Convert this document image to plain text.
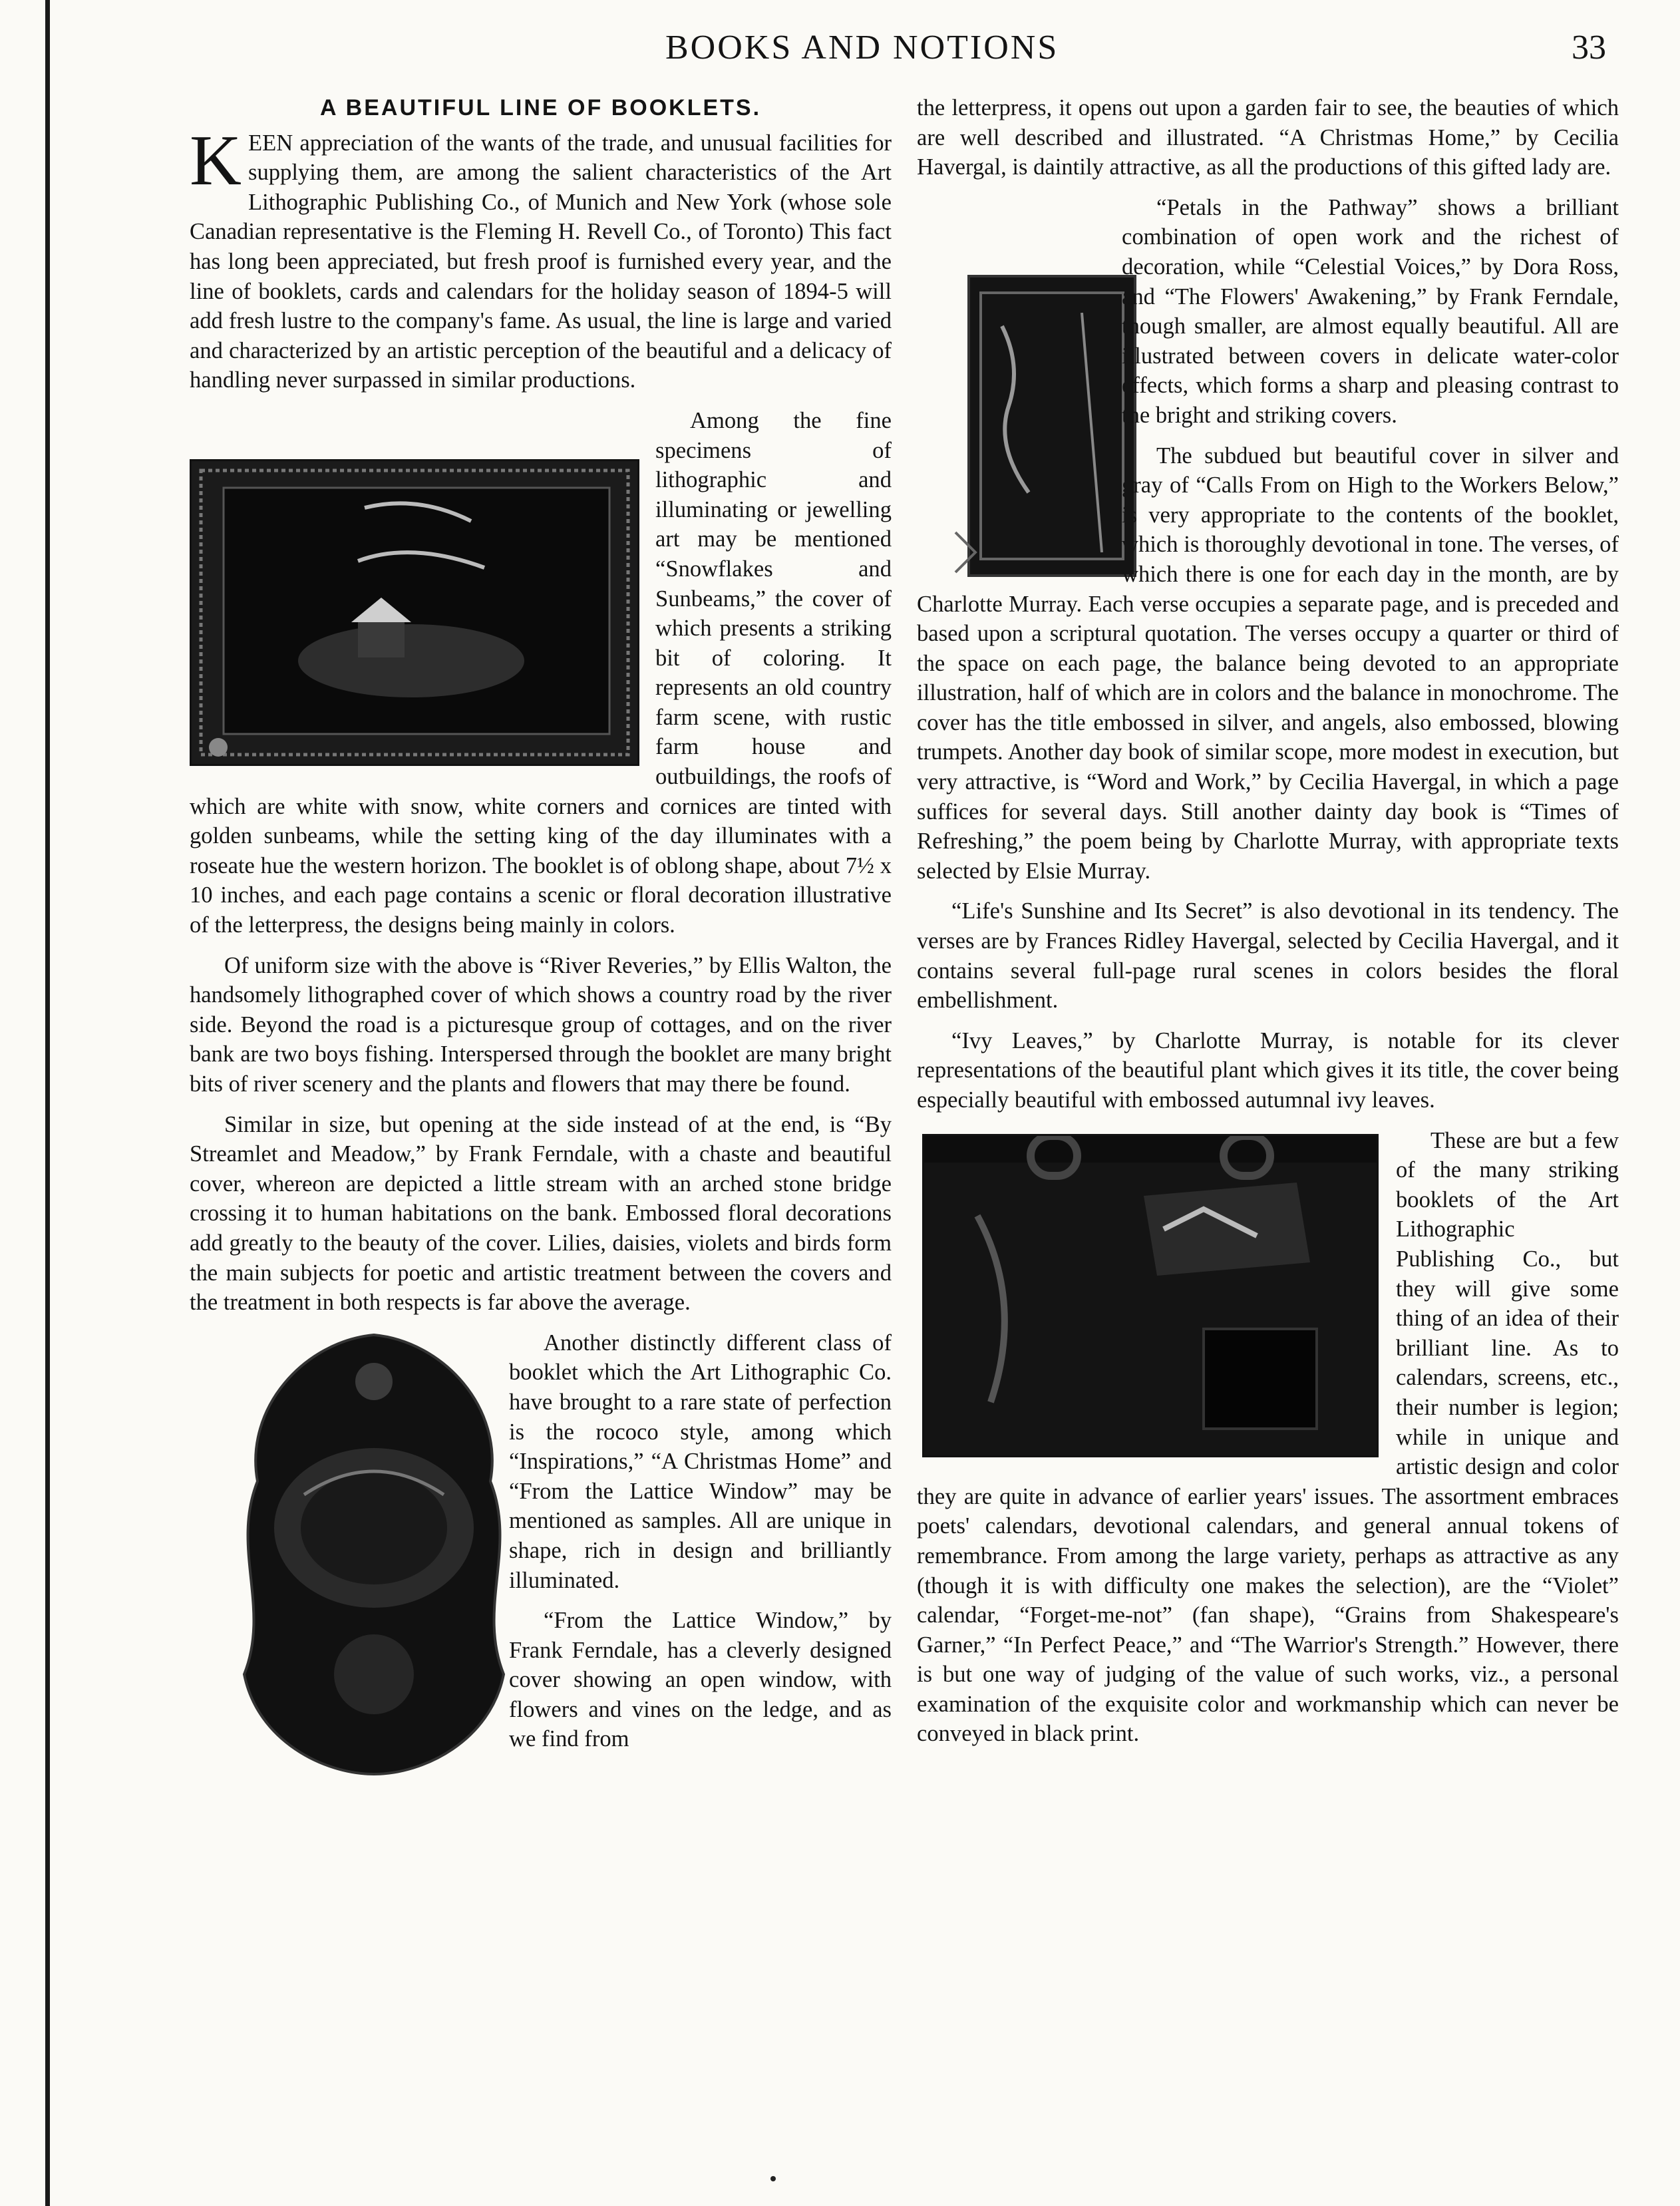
BOOKS AND NOTIONS	33
A BEAUTIFUL LINE OF BOOKLETS.

KEEN appreciation of the wants of the trade, and unusual facilities for supplying them, are among the salient characteristics of the Art Lithographic Publishing Co., of Munich and New York (whose sole Canadian representative is the Fleming H. Revell Co., of Toronto) This fact has long been appreciated, but fresh proof is furnished every year, and the line of booklets, cards and calendars for the holiday season of 1894-5 will add fresh lustre to the company's fame. As usual, the line is large and varied and characterized by an artistic perception of the beautiful and a delicacy of handling never surpassed in similar productions.

Among the fine specimens of lithographic and illuminating or jewelling art may be mentioned “Snowflakes and Sunbeams,” the cover of which presents a striking bit of coloring. It represents an old country farm scene, with rustic farm house and outbuildings, the roofs of which are white with snow, white corners and cornices are tinted with golden sunbeams, while the setting king of the day illuminates with a roseate hue the western horizon. The booklet is of oblong shape, about 7½ x 10 inches, and each page contains a scenic or floral decoration illustrative of the letterpress, the designs being mainly in colors.

Of uniform size with the above is “River Reveries,” by Ellis Walton, the handsomely lithographed cover of which shows a country road by the river side. Beyond the road is a picturesque group of cottages, and on the river bank are two boys fishing. Interspersed through the booklet are many bright bits of river scenery and the plants and flowers that may there be found.

Similar in size, but opening at the side instead of at the end, is “By Streamlet and Meadow,” by Frank Ferndale, with a chaste and beautiful cover, whereon are depicted a little stream with an arched stone bridge crossing it to human habitations on the bank. Embossed floral decorations add greatly to the beauty of the cover. Lilies, daisies, violets and birds form the main subjects for poetic and artistic treatment between the covers and the treatment in both respects is far above the average.

Another distinctly different class of booklet which the Art Lithographic Co. have brought to a rare state of perfection is the rococo style, among which “Inspirations,” “A Christmas Home” and “From the Lattice Window” may be mentioned as samples. All are unique in shape, rich in design and brilliantly illuminated.

“From the Lattice Window,” by Frank Ferndale, has a cleverly designed cover showing an open window, with flowers and vines on the ledge, and as we find from

the letterpress, it opens out upon a garden fair to see, the beauties of which are well described and illustrated. “A Christmas Home,” by Cecilia Havergal, is daintily attractive, as all the productions of this gifted lady are.

“Petals in the Pathway” shows a brilliant combination of open work and the richest of decoration, while “Celestial Voices,” by Dora Ross, and “The Flowers' Awakening,” by Frank Ferndale, though smaller, are almost equally beautiful. All are illustrated between covers in delicate water-color effects, which forms a sharp and pleasing contrast to the bright and striking covers.

The subdued but beautiful cover in silver and gray of “Calls From on High to the Workers Below,” is very appropriate to the contents of the booklet, which is thoroughly devotional in tone. The verses, of which there is one for each day in the month, are by Charlotte Murray. Each verse occupies a separate page, and is preceded and based upon a scriptural quotation. The verses occupy a quarter or third of the space on each page, the balance being devoted to an appropriate illustration, half of which are in colors and the balance in monochrome. The cover has the title embossed in silver, and angels, also embossed, blowing trumpets. Another day book of similar scope, more modest in execution, but very attractive, is “Word and Work,” by Cecilia Havergal, in which a page suffices for several days. Still another dainty day book is “Times of Refreshing,” the poem being by Charlotte Murray, with appropriate texts selected by Elsie Murray.

“Life's Sunshine and Its Secret” is also devotional in its tendency. The verses are by Frances Ridley Havergal, selected by Cecilia Havergal, and it contains several full-page rural scenes in colors besides the floral embellishment.

“Ivy Leaves,” by Charlotte Murray, is notable for its clever representations of the beautiful plant which gives it its title, the cover being especially beautiful with embossed autumnal ivy leaves.

These are but a few of the many striking booklets of the Art Lithographic Publishing Co., but they will give some thing of an idea of their brilliant line. As to calendars, screens, etc., their number is legion; while in unique and artistic design and color they are quite in advance of earlier years' issues. The assortment embraces poets' calendars, devotional calendars, and general annual tokens of remembrance. From among the large variety, perhaps as attractive as any (though it is with difficulty one makes the selection), are the “Violet” calendar, “Forget-me-not” (fan shape), “Grains from Shakespeare's Garner,” “In Perfect Peace,” and “The Warrior's Strength.” However, there is but one way of judging of the value of such works, viz., a personal examination of the exquisite color and workmanship which can never be conveyed in black print.
